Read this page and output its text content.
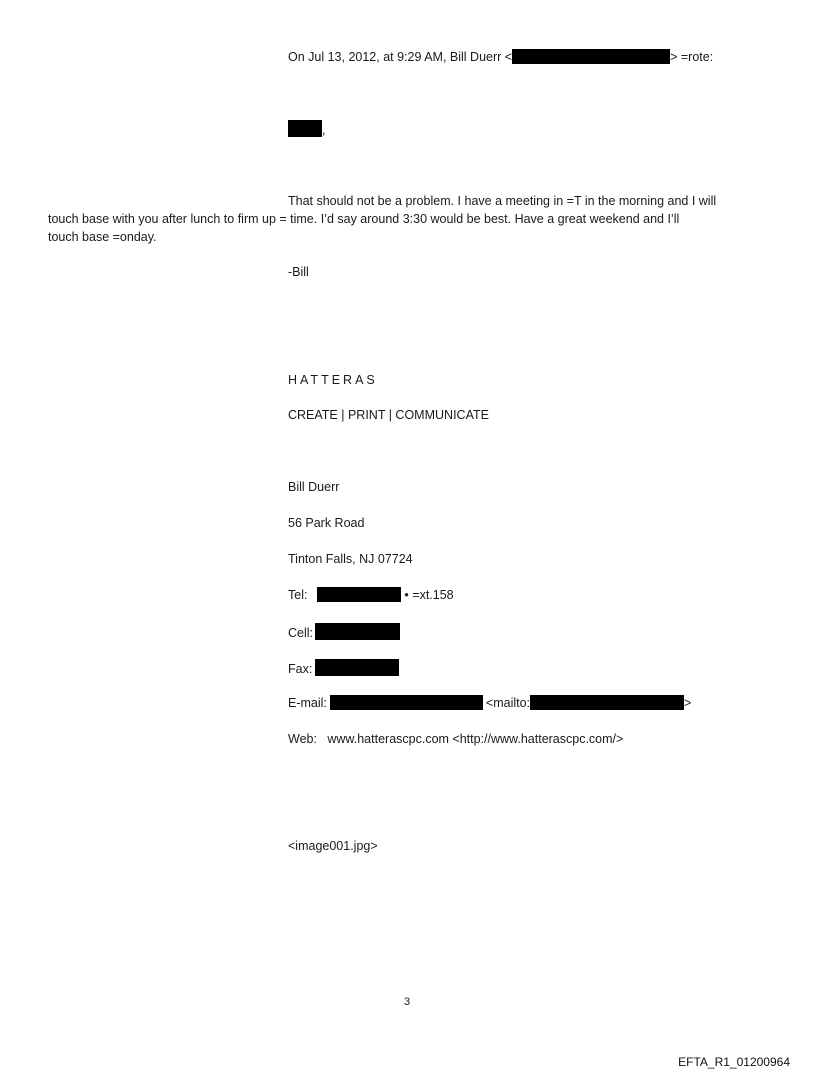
On Jul 13, 2012, at 9:29 AM, Bill Duerr <	> =rote:
,
That should not be a problem. I have a meeting in =T in the morning and I will
touch base with you after lunch to firm up = time. I’d say around 3:30 would be best. Have a great weekend and I’ll
touch base =onday.
-Bill
HATTERAS
CREATE | PRINT | COMMUNICATE
Bill Duerr
56 Park Road
Tinton Falls, NJ 07724
Tel:	• =xt.158
Cell:
Fax:
E-mail:	<mailto:	>
Web:   www.hatterascpc.com <http://www.hatterascpc.com/>
<image001.jpg>
3
EFTA_R1_01200964
